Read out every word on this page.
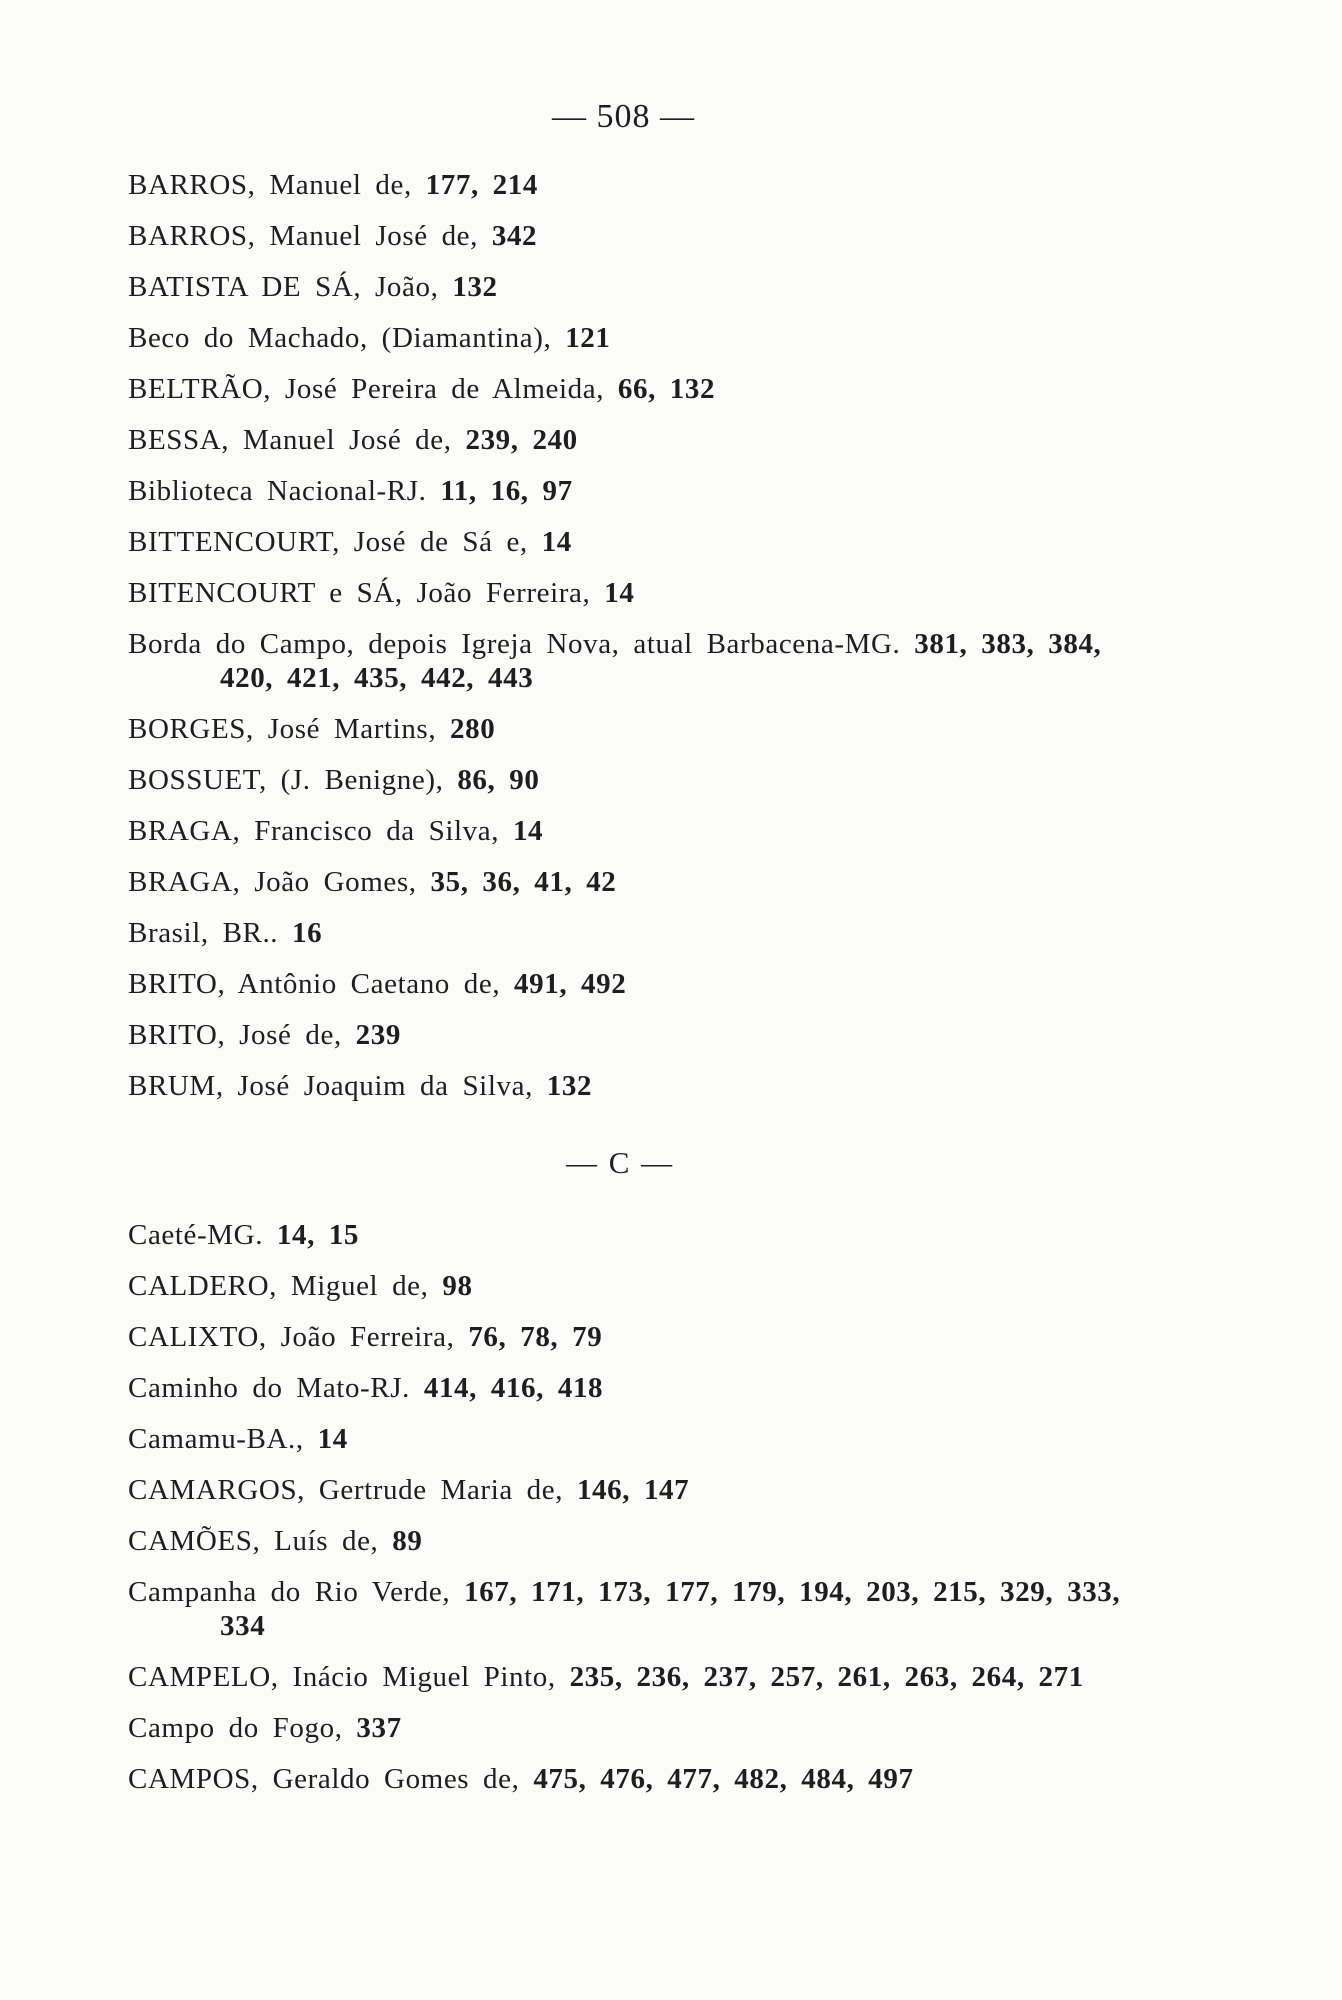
— 508 —
BARROS, Manuel de, 177, 214
BARROS, Manuel José de, 342
BATISTA DE SÁ, João, 132
Beco do Machado, (Diamantina), 121
BELTRÃO, José Pereira de Almeida, 66, 132
BESSA, Manuel José de, 239, 240
Biblioteca Nacional-RJ. 11, 16, 97
BITTENCOURT, José de Sá e, 14
BITENCOURT e SÁ, João Ferreira, 14
Borda do Campo, depois Igreja Nova, atual Barbacena-MG. 381, 383, 384, 420, 421, 435, 442, 443
BORGES, José Martins, 280
BOSSUET, (J. Benigne), 86, 90
BRAGA, Francisco da Silva, 14
BRAGA, João Gomes, 35, 36, 41, 42
Brasil, BR.. 16
BRITO, Antônio Caetano de, 491, 492
BRITO, José de, 239
BRUM, José Joaquim da Silva, 132
— C —
Caeté-MG. 14, 15
CALDERO, Miguel de, 98
CALIXTO, João Ferreira, 76, 78, 79
Caminho do Mato-RJ. 414, 416, 418
Camamu-BA., 14
CAMARGOS, Gertrude Maria de, 146, 147
CAMÕES, Luís de, 89
Campanha do Rio Verde, 167, 171, 173, 177, 179, 194, 203, 215, 329, 333, 334
CAMPELO, Inácio Miguel Pinto, 235, 236, 237, 257, 261, 263, 264, 271
Campo do Fogo, 337
CAMPOS, Geraldo Gomes de, 475, 476, 477, 482, 484, 497
